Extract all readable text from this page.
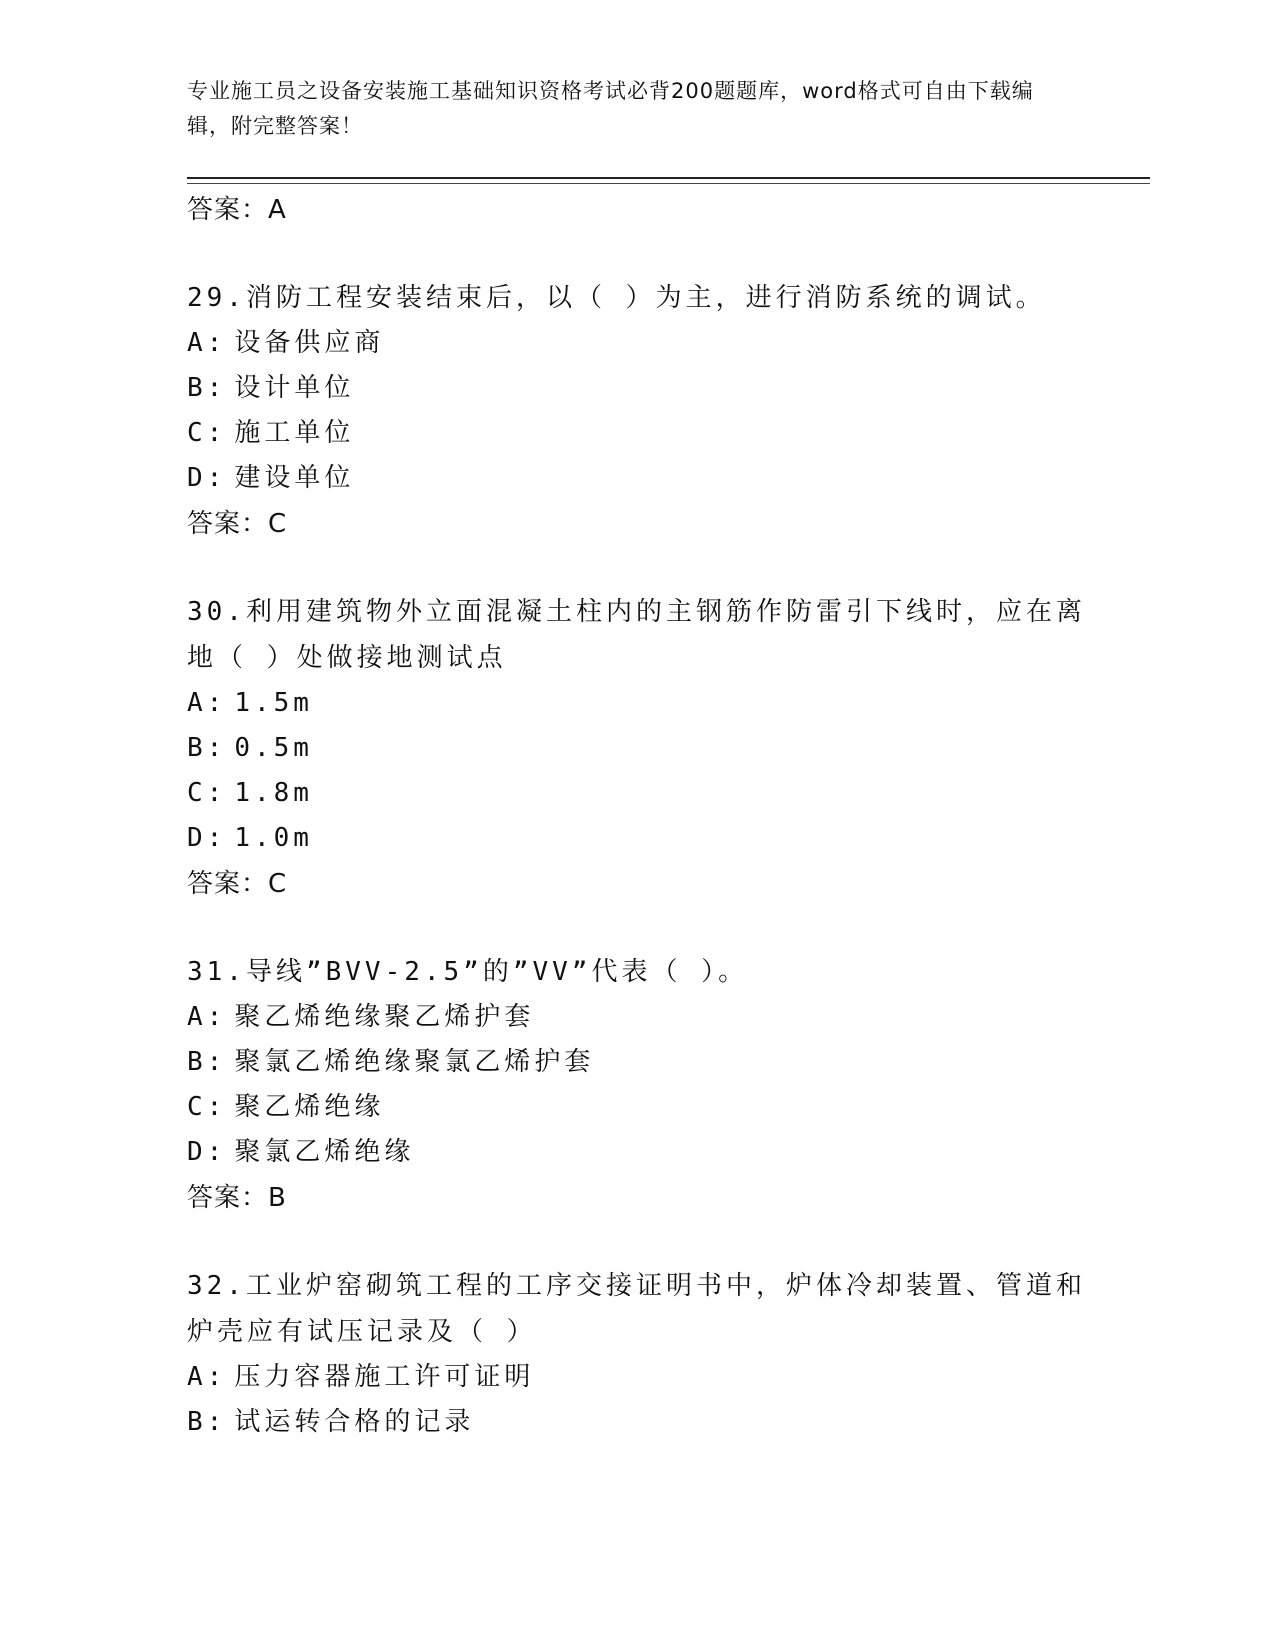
专业施工员之设备安装施工基础知识资格考试必背200题题库，word格式可自由下载编辑，附完整答案！

答案：A

29.消防工程安装结束后，以（ ）为主，进行消防系统的调试。

A: 设备供应商

B: 设计单位

C: 施工单位

D: 建设单位

答案：C

30.利用建筑物外立面混凝土柱内的主钢筋作防雷引下线时，应在离地（ ）处做接地测试点

A: 1.5m

B: 0.5m

C: 1.8m

D: 1.0m

答案：C

31.导线”BVV-2.5”的”VV”代表（ ）。

A: 聚乙烯绝缘聚乙烯护套

B: 聚氯乙烯绝缘聚氯乙烯护套

C: 聚乙烯绝缘

D: 聚氯乙烯绝缘

答案：B

32.工业炉窑砌筑工程的工序交接证明书中，炉体冷却装置、管道和炉壳应有试压记录及（ ）

A: 压力容器施工许可证明

B: 试运转合格的记录
